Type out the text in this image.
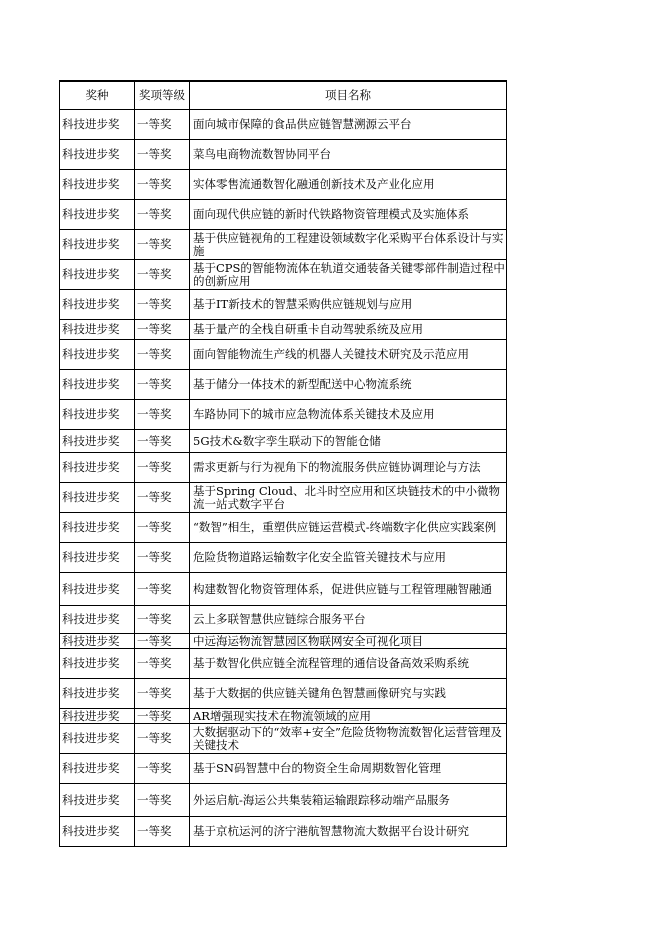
奖种	奖项等级	项目名称
科技进步奖	一等奖	面向城市保障的食品供应链智慧溯源云平台
科技进步奖	一等奖	菜鸟电商物流数智协同平台
科技进步奖	一等奖	实体零售流通数智化融通创新技术及产业化应用
科技进步奖	一等奖	面向现代供应链的新时代铁路物资管理模式及实施体系
科技进步奖	一等奖	基于供应链视角的工程建设领域数字化采购平台体系设计与实施
科技进步奖	一等奖	基于CPS的智能物流体在轨道交通装备关键零部件制造过程中的创新应用
科技进步奖	一等奖	基于IT新技术的智慧采购供应链规划与应用
科技进步奖	一等奖	基于量产的全栈自研重卡自动驾驶系统及应用
科技进步奖	一等奖	面向智能物流生产线的机器人关键技术研究及示范应用
科技进步奖	一等奖	基于储分一体技术的新型配送中心物流系统
科技进步奖	一等奖	车路协同下的城市应急物流体系关键技术及应用
科技进步奖	一等奖	5G技术&数字孪生联动下的智能仓储
科技进步奖	一等奖	需求更新与行为视角下的物流服务供应链协调理论与方法
科技进步奖	一等奖	基于Spring Cloud、北斗时空应用和区块链技术的中小微物流一站式数字平台
科技进步奖	一等奖	“数智”相生，重塑供应链运营模式-终端数字化供应实践案例
科技进步奖	一等奖	危险货物道路运输数字化安全监管关键技术与应用
科技进步奖	一等奖	构建数智化物资管理体系，促进供应链与工程管理融智融通
科技进步奖	一等奖	云上多联智慧供应链综合服务平台
科技进步奖	一等奖	中远海运物流智慧园区物联网安全可视化项目
科技进步奖	一等奖	基于数智化供应链全流程管理的通信设备高效采购系统
科技进步奖	一等奖	基于大数据的供应链关键角色智慧画像研究与实践
科技进步奖	一等奖	AR增强现实技术在物流领域的应用
科技进步奖	一等奖	大数据驱动下的“效率+安全”危险货物物流数智化运营管理及关键技术
科技进步奖	一等奖	基于SN码智慧中台的物资全生命周期数智化管理
科技进步奖	一等奖	外运启航-海运公共集装箱运输跟踪移动端产品服务
科技进步奖	一等奖	基于京杭运河的济宁港航智慧物流大数据平台设计研究
